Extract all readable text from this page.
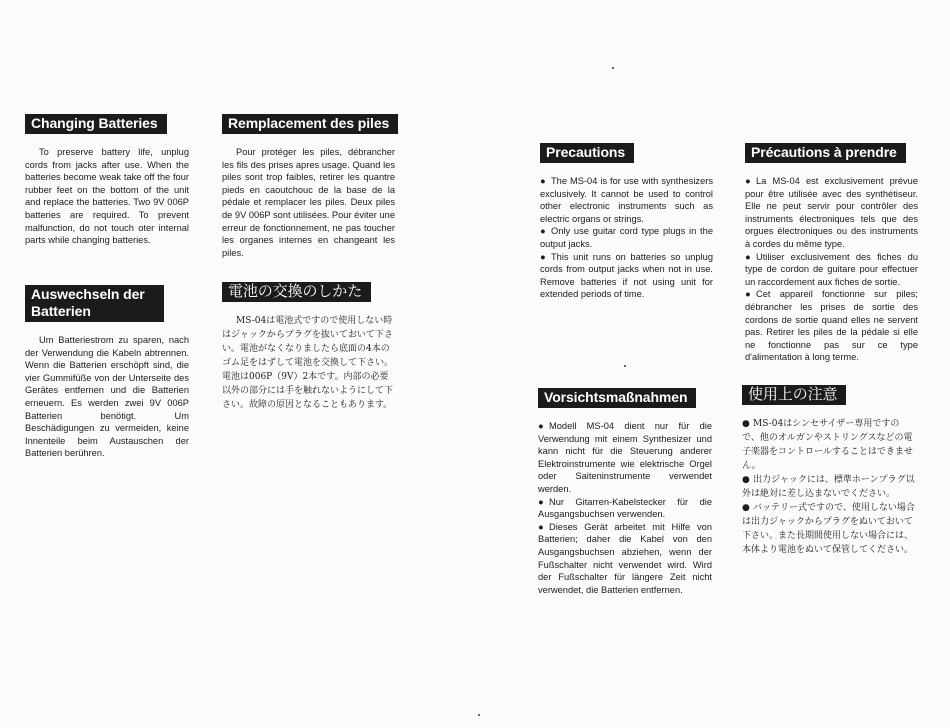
Changing Batteries

To preserve battery life, unplug cords from jacks after use. When the batteries become weak take off the four rubber feet on the bottom of the unit and replace the batteries. Two 9V 006P batteries are required. To prevent malfunction, do not touch oter internal parts while changing batteries.

Remplacement des piles

Pour protéger les piles, débrancher les fils des prises apres usage. Quand les piles sont trop faibles, retirer les quantre pieds en caoutchouc de la base de la pédale et remplacer les piles. Deux piles de 9V 006P sont utilisées. Pour éviter une erreur de fonctionnement, ne pas toucher les organes internes en changeant les piles.

Auswechseln der Batterien

Um Batteriestrom zu sparen, nach der Verwendung die Kabeln abtrennen. Wenn die Batterien erschöpft sind, die vier Gummifüße von der Unterseite des Gerätes entfernen und die Batterien erneuern. Es werden zwei 9V 006P Batterien benötigt. Um Beschädigungen zu vermeiden, keine Innenteile beim Austauschen der Batterien berühren.

電池の交換のしかた

MS-04は電池式ですので使用しない時はジャックからプラグを抜いておいて下さい。電池がなくなりましたら底面の4本のゴム足をはずして電池を交換して下さい。電池は006P（9V）2本です。内部の必要以外の部分には手を触れないようにして下さい。故障の原因となることもあります。

Precautions

● The MS-04 is for use with synthesizers exclusively. It cannot be used to control other electronic instruments such as electric organs or strings.

● Only use guitar cord type plugs in the output jacks.

● This unit runs on batteries so unplug cords from output jacks when not in use. Remove batteries if not using unit for extended periods of time.

Précautions à prendre

● La MS-04 est exclusivement prévue pour être utilisée avec des synthétiseur. Elle ne peut servir pour contrôler des instruments électroniques tels que des orgues électroniques ou des instruments à cordes du même type.

● Utiliser exclusivement des fiches du type de cordon de guitare pour effectuer un raccordement aux fiches de sortie.

● Cet appareil fonctionne sur piles; débrancher les prises de sortie des cordons de sortie quand elles ne servent pas. Retirer les piles de la pédale si elle ne fonctionne pas sur ce type d'alimentation à long terme.

Vorsichtsmaßnahmen

● Modell MS-04 dient nur für die Verwendung mit einem Synthesizer und kann nicht für die Steuerung anderer Elektroinstrumente wie elektrische Orgel oder Saiteninstrumente verwendet werden.

● Nur Gitarren-Kabelstecker für die Ausgangsbuchsen verwenden.

● Dieses Gerät arbeitet mit Hilfe von Batterien; daher die Kabel von den Ausgangsbuchsen abziehen, wenn der Fußschalter nicht verwendet wird. Wird der Fußschalter für längere Zeit nicht verwendet, die Batterien entfernen.

使用上の注意

● MS-04はシンセサイザー専用ですので、他のオルガンやストリングスなどの電子楽器をコントロールすることはできません。

● 出力ジャックには、標準ホーンプラグ以外は絶対に差し込まないでください。

● バッテリー式ですので、使用しない場合は出力ジャックからプラグをぬいておいて下さい。また長期間使用しない場合には、本体より電池をぬいて保管してください。
